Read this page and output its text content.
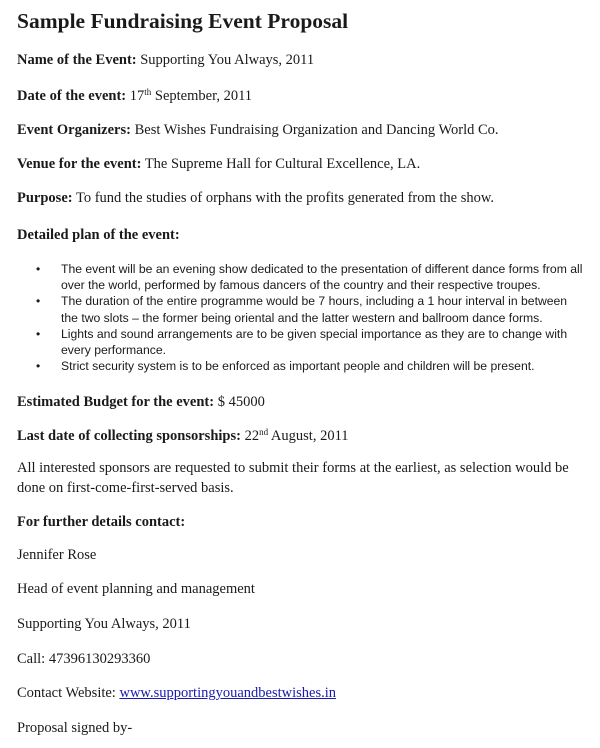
Sample Fundraising Event Proposal
Name of the Event: Supporting You Always, 2011
Date of the event: 17th September, 2011
Event Organizers: Best Wishes Fundraising Organization and Dancing World Co.
Venue for the event: The Supreme Hall for Cultural Excellence, LA.
Purpose: To fund the studies of orphans with the profits generated from the show.
Detailed plan of the event:
• The event will be an evening show dedicated to the presentation of different dance forms from all over the world, performed by famous dancers of the country and their respective troupes.
• The duration of the entire programme would be 7 hours, including a 1 hour interval in between the two slots – the former being oriental and the latter western and ballroom dance forms.
• Lights and sound arrangements are to be given special importance as they are to change with every performance.
• Strict security system is to be enforced as important people and children will be present.
Estimated Budget for the event: $ 45000
Last date of collecting sponsorships: 22nd August, 2011
All interested sponsors are requested to submit their forms at the earliest, as selection would be done on first-come-first-served basis.
For further details contact:
Jennifer Rose
Head of event planning and management
Supporting You Always, 2011
Call: 47396130293360
Contact Website: www.supportingyouandbestwishes.in
Proposal signed by-
